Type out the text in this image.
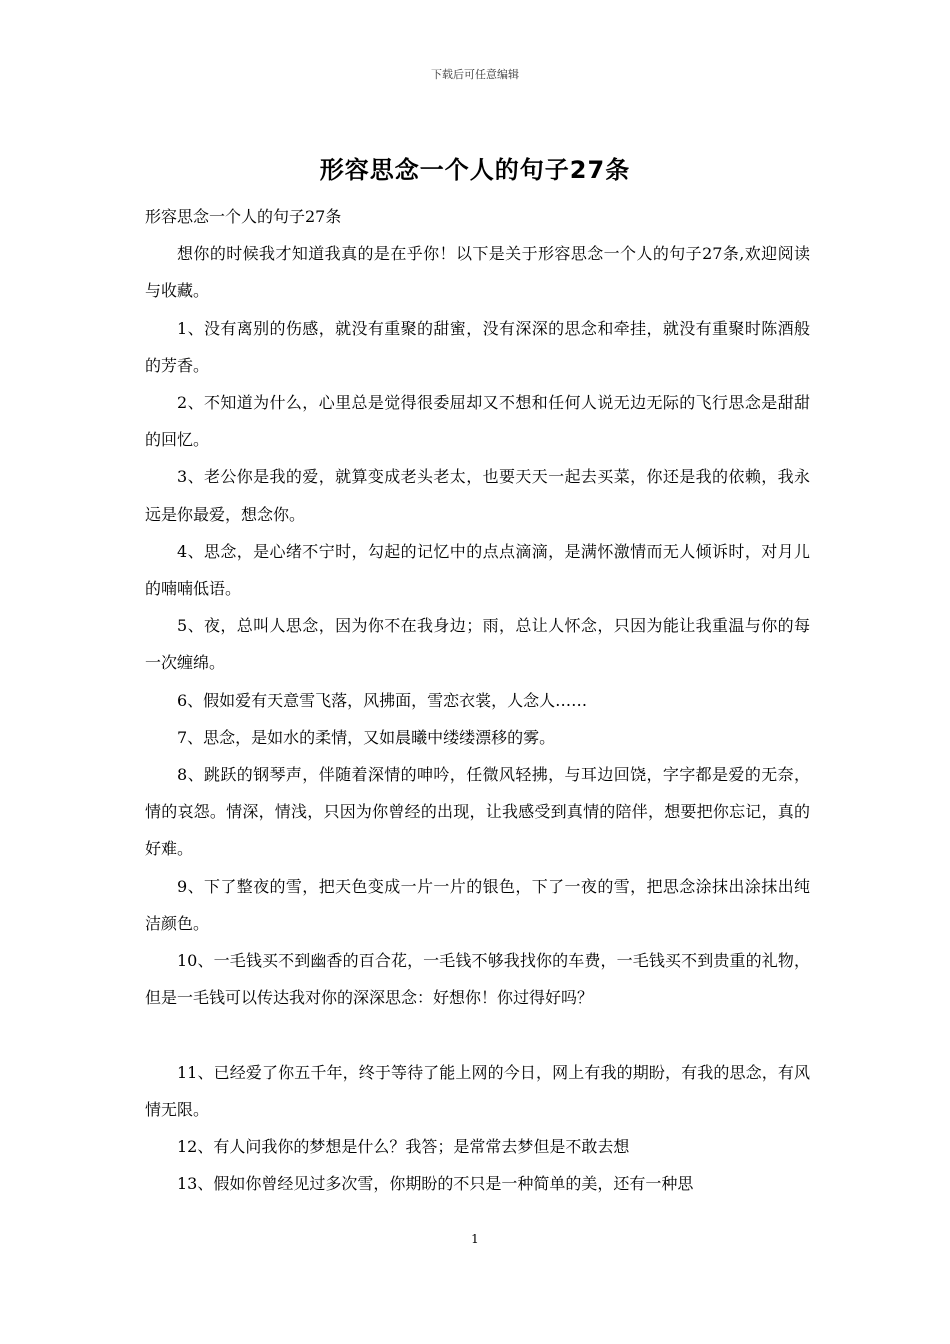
下载后可任意编辑
形容思念一个人的句子27条

形容思念一个人的句子27条

想你的时候我才知道我真的是在乎你！以下是关于形容思念一个人的句子27条,欢迎阅读与收藏。

1、没有离别的伤感，就没有重聚的甜蜜，没有深深的思念和牵挂，就没有重聚时陈酒般的芳香。

2、不知道为什么，心里总是觉得很委屈却又不想和任何人说无边无际的飞行思念是甜甜的回忆。

3、老公你是我的爱，就算变成老头老太，也要天天一起去买菜，你还是我的依赖，我永远是你最爱，想念你。

4、思念，是心绪不宁时，勾起的记忆中的点点滴滴，是满怀激情而无人倾诉时，对月儿的喃喃低语。

5、夜，总叫人思念，因为你不在我身边；雨，总让人怀念，只因为能让我重温与你的每一次缠绵。

6、假如爱有天意雪飞落，风拂面，雪恋衣裳，人念人……

7、思念，是如水的柔情，又如晨曦中缕缕漂移的雾。

8、跳跃的钢琴声，伴随着深情的呻吟，任微风轻拂，与耳边回饶，字字都是爱的无奈，情的哀怨。情深，情浅，只因为你曾经的出现，让我感受到真情的陪伴，想要把你忘记，真的好难。

9、下了整夜的雪，把天色变成一片一片的银色，下了一夜的雪，把思念涂抹出涂抹出纯洁颜色。

10、一毛钱买不到幽香的百合花，一毛钱不够我找你的车费，一毛钱买不到贵重的礼物，但是一毛钱可以传达我对你的深深思念：好想你！你过得好吗？

11、已经爱了你五千年，终于等待了能上网的今日，网上有我的期盼，有我的思念，有风情无限。

12、有人问我你的梦想是什么？我答；是常常去梦但是不敢去想

13、假如你曾经见过多次雪，你期盼的不只是一种简单的美，还有一种思

1
